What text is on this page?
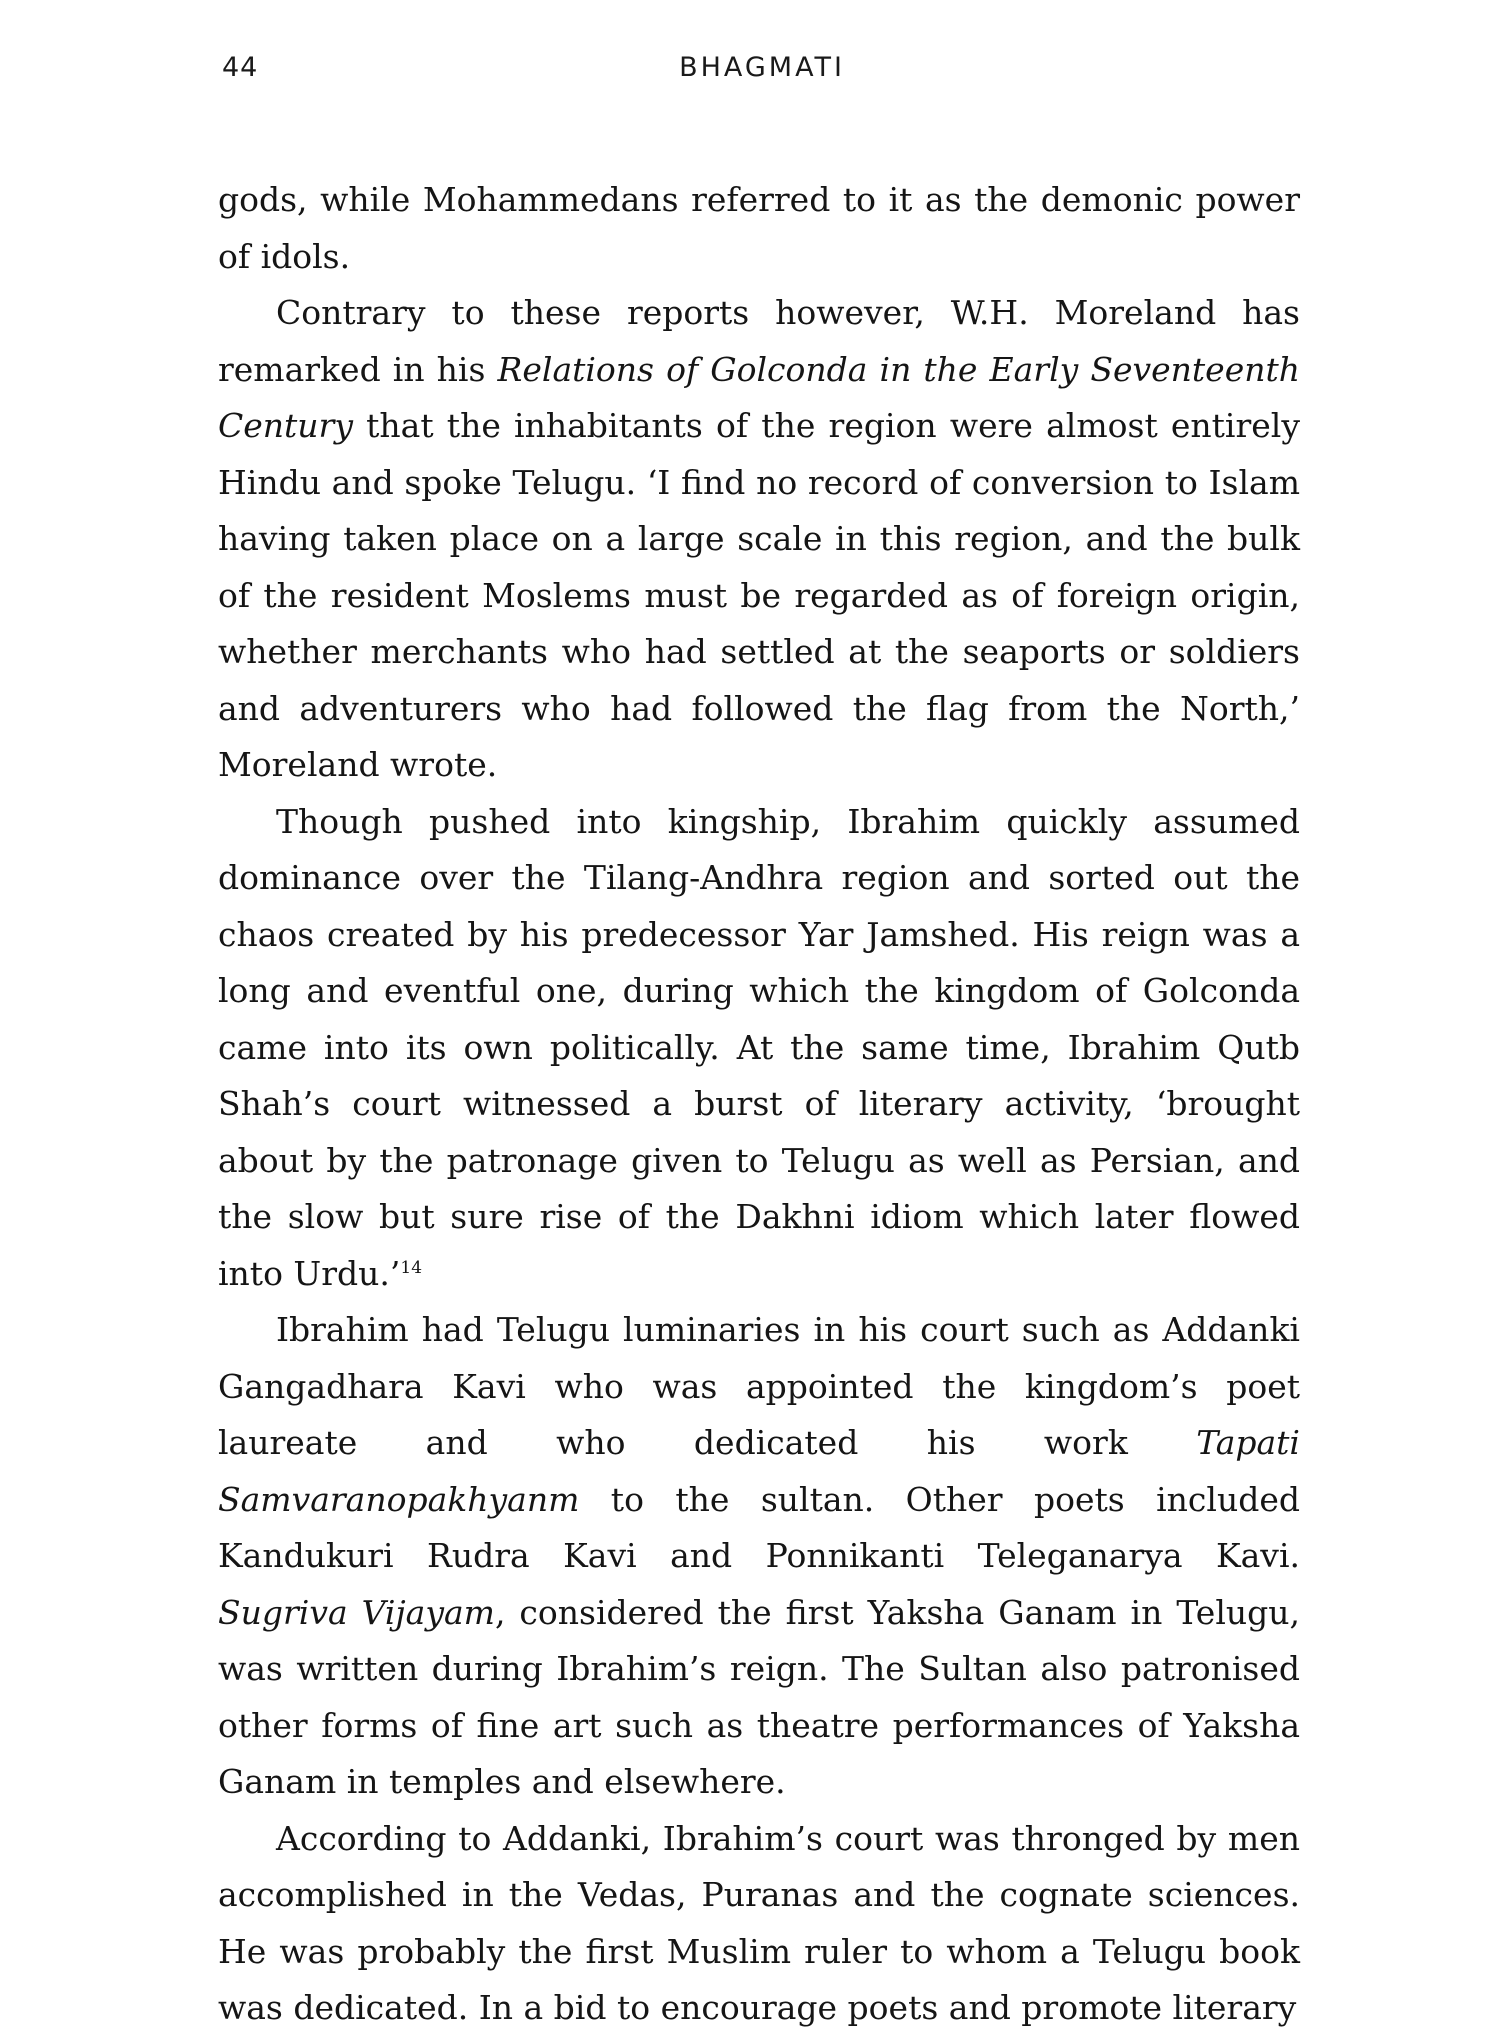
44	BHAGMATI

gods, while Mohammedans referred to it as the demonic power of idols.

Contrary to these reports however, W.H. Moreland has remarked in his Relations of Golconda in the Early Seventeenth Century that the inhabitants of the region were almost entirely Hindu and spoke Telugu. ‘I find no record of conversion to Islam having taken place on a large scale in this region, and the bulk of the resident Moslems must be regarded as of foreign origin, whether merchants who had settled at the seaports or soldiers and adventurers who had followed the flag from the North,’ Moreland wrote.

Though pushed into kingship, Ibrahim quickly assumed dominance over the Tilang-Andhra region and sorted out the chaos created by his predecessor Yar Jamshed. His reign was a long and eventful one, during which the kingdom of Golconda came into its own politically. At the same time, Ibrahim Qutb Shah’s court witnessed a burst of literary activity, ‘brought about by the patronage given to Telugu as well as Persian, and the slow but sure rise of the Dakhni idiom which later flowed into Urdu.’$^{14}$

Ibrahim had Telugu luminaries in his court such as Addanki Gangadhara Kavi who was appointed the kingdom’s poet laureate and who dedicated his work Tapati Samvaranopakhyanm to the sultan. Other poets included Kandukuri Rudra Kavi and Ponnikanti Teleganarya Kavi. Sugriva Vijayam, considered the first Yaksha Ganam in Telugu, was written during Ibrahim’s reign. The Sultan also patronised other forms of fine art such as theatre performances of Yaksha Ganam in temples and elsewhere.

According to Addanki, Ibrahim’s court was thronged by men accomplished in the Vedas, Puranas and the cognate sciences. He was probably the first Muslim ruler to whom a Telugu book was dedicated. In a bid to encourage poets and promote literary
